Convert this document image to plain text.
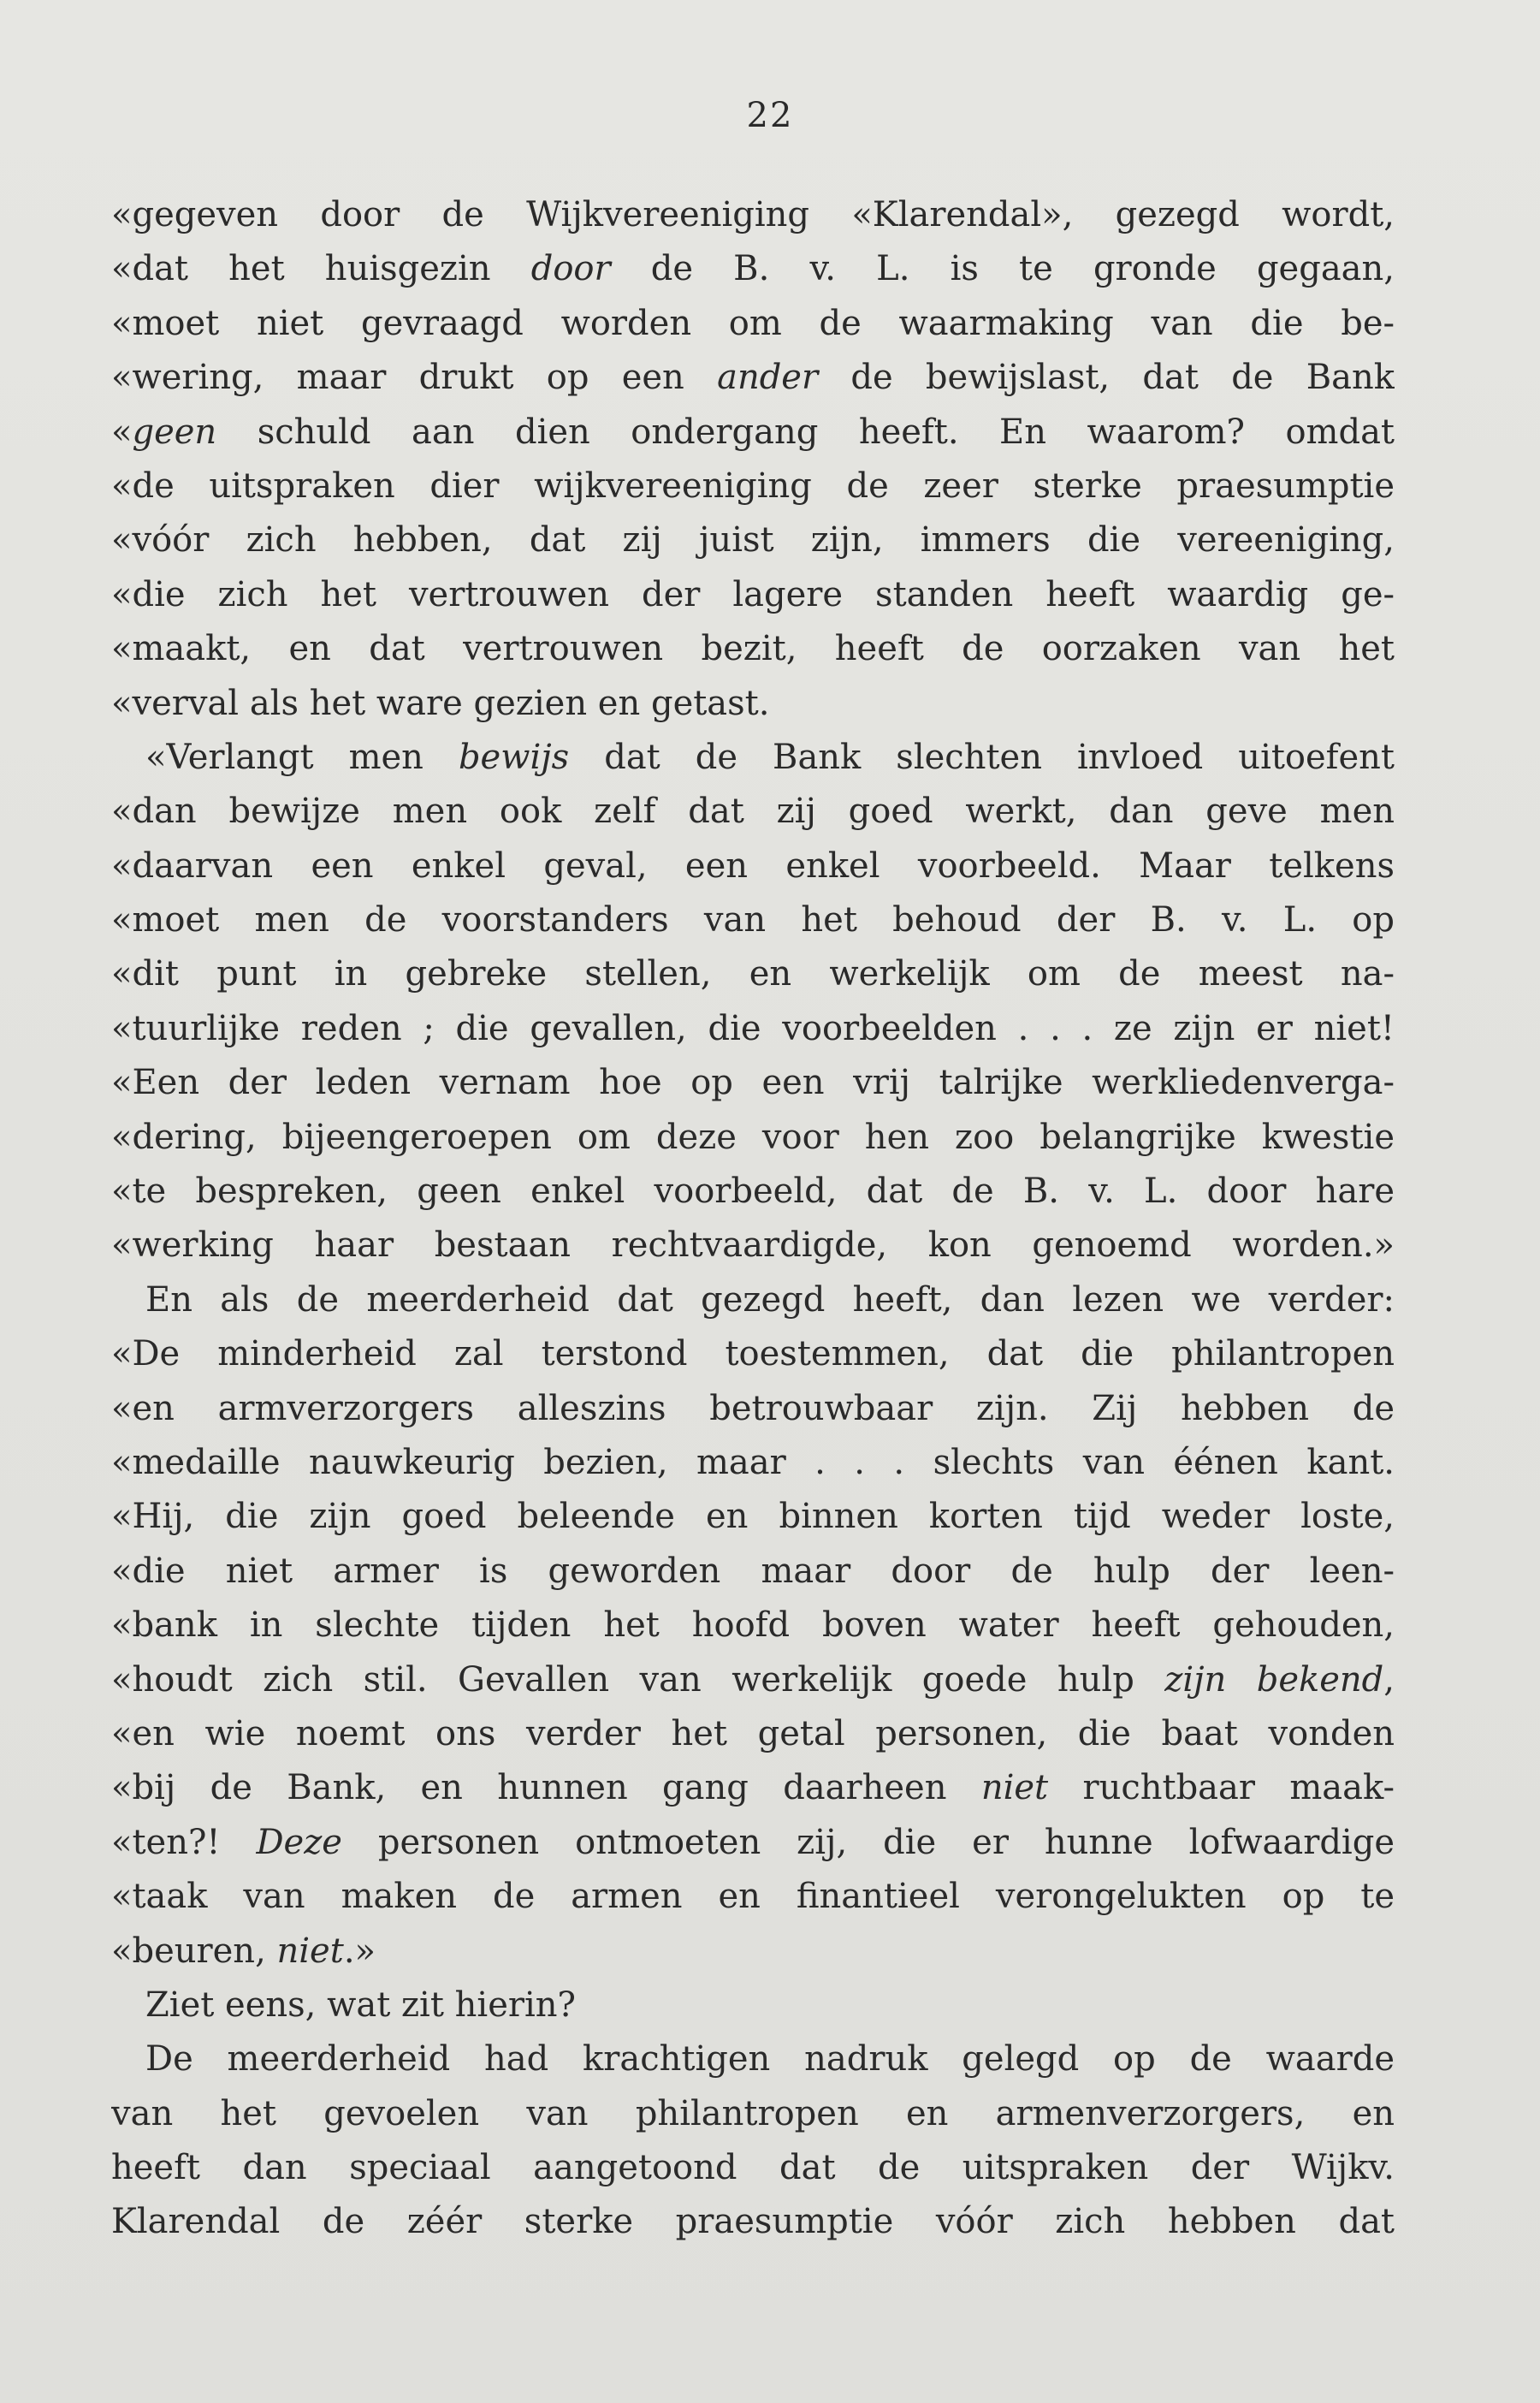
22
«gegeven door de Wijkvereeniging «Klarendal», gezegd wordt,
«dat het huisgezin door de B. v. L. is te gronde gegaan,
«moet niet gevraagd worden om de waarmaking van die be-
«wering, maar drukt op een ander de bewijslast, dat de Bank
«geen schuld aan dien ondergang heeft. En waarom? omdat
«de uitspraken dier wijkvereeniging de zeer sterke praesumptie
«vóór zich hebben, dat zij juist zijn, immers die vereeniging,
«die zich het vertrouwen der lagere standen heeft waardig ge-
«maakt, en dat vertrouwen bezit, heeft de oorzaken van het
«verval als het ware gezien en getast.
«Verlangt men bewijs dat de Bank slechten invloed uitoefent
«dan bewijze men ook zelf dat zij goed werkt, dan geve men
«daarvan een enkel geval, een enkel voorbeeld. Maar telkens
«moet men de voorstanders van het behoud der B. v. L. op
«dit punt in gebreke stellen, en werkelijk om de meest na-
«tuurlijke reden ; die gevallen, die voorbeelden . . . ze zijn er niet!
«Een der leden vernam hoe op een vrij talrijke werkliedenverga-
«dering, bijeengeroepen om deze voor hen zoo belangrijke kwestie
«te bespreken, geen enkel voorbeeld, dat de B. v. L. door hare
«werking haar bestaan rechtvaardigde, kon genoemd worden.»
En als de meerderheid dat gezegd heeft, dan lezen we verder:
«De minderheid zal terstond toestemmen, dat die philantropen
«en armverzorgers alleszins betrouwbaar zijn. Zij hebben de
«medaille nauwkeurig bezien, maar . . . slechts van éénen kant.
«Hij, die zijn goed beleende en binnen korten tijd weder loste,
«die niet armer is geworden maar door de hulp der leen-
«bank in slechte tijden het hoofd boven water heeft gehouden,
«houdt zich stil. Gevallen van werkelijk goede hulp zijn bekend,
«en wie noemt ons verder het getal personen, die baat vonden
«bij de Bank, en hunnen gang daarheen niet ruchtbaar maak-
«ten?! Deze personen ontmoeten zij, die er hunne lofwaardige
«taak van maken de armen en finantieel verongelukten op te
«beuren, niet.»
Ziet eens, wat zit hierin?
De meerderheid had krachtigen nadruk gelegd op de waarde
van het gevoelen van philantropen en armenverzorgers, en
heeft dan speciaal aangetoond dat de uitspraken der Wijkv.
Klarendal de zéér sterke praesumptie vóór zich hebben dat
